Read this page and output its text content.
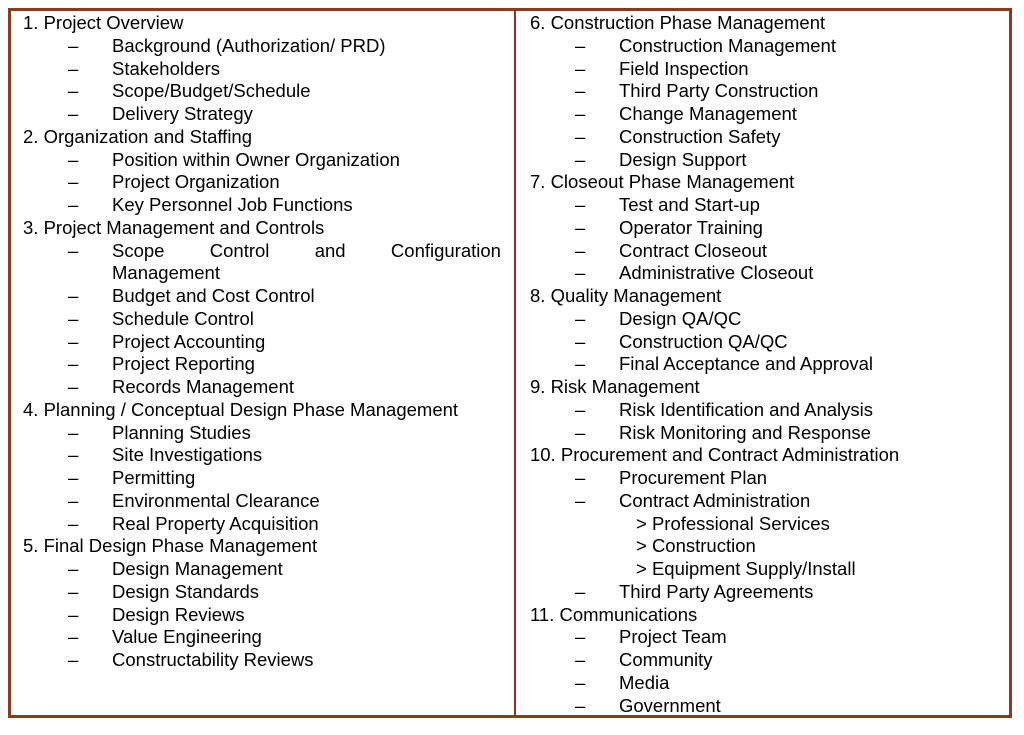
1. Project Overview
– Background (Authorization/ PRD)
– Stakeholders
– Scope/Budget/Schedule
– Delivery Strategy
2. Organization and Staffing
– Position within Owner Organization
– Project Organization
– Key Personnel Job Functions
3. Project Management and Controls
– Scope Control and Configuration
Management
– Budget and Cost Control
– Schedule Control
– Project Accounting
– Project Reporting
– Records Management
4. Planning / Conceptual Design Phase Management
– Planning Studies
– Site Investigations
– Permitting
– Environmental Clearance
– Real Property Acquisition
5. Final Design Phase Management
– Design Management
– Design Standards
– Design Reviews
– Value Engineering
– Constructability Reviews
6. Construction Phase Management
– Construction Management
– Field Inspection
– Third Party Construction
– Change Management
– Construction Safety
– Design Support
7. Closeout Phase Management
– Test and Start-up
– Operator Training
– Contract Closeout
– Administrative Closeout
8. Quality Management
– Design QA/QC
– Construction QA/QC
– Final Acceptance and Approval
9. Risk Management
– Risk Identification and Analysis
– Risk Monitoring and Response
10. Procurement and Contract Administration
– Procurement Plan
– Contract Administration
> Professional Services
> Construction
> Equipment Supply/Install
– Third Party Agreements
11. Communications
– Project Team
– Community
– Media
– Government
